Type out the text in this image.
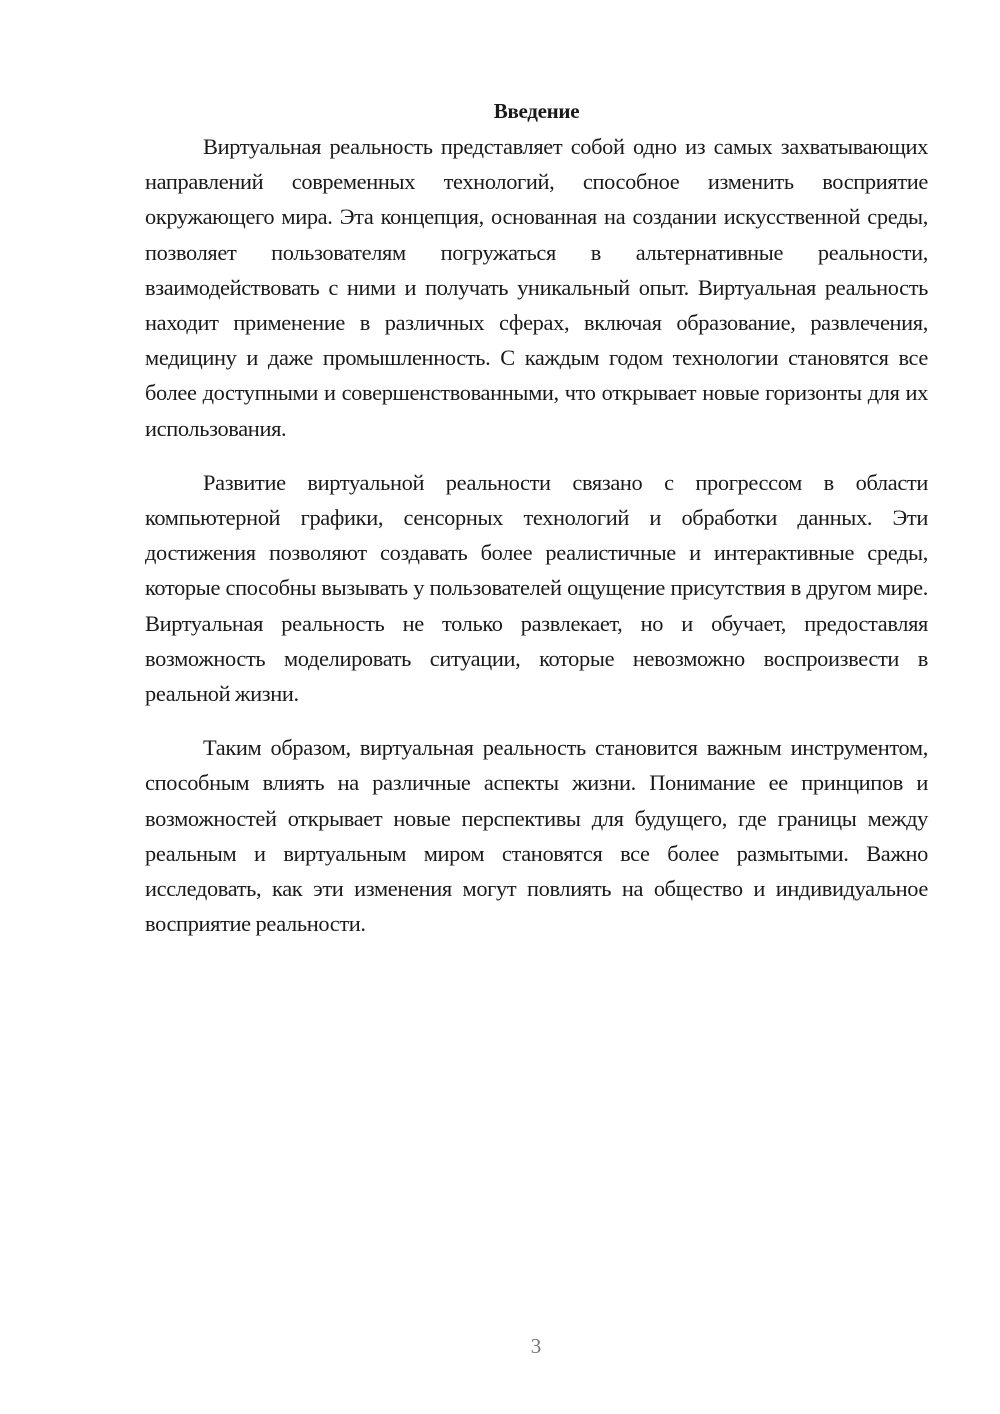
Введение

Виртуальная реальность представляет собой одно из самых захватывающих направлений современных технологий, способное изменить восприятие окружающего мира. Эта концепция, основанная на создании искусственной среды, позволяет пользователям погружаться в альтернативные реальности, взаимодействовать с ними и получать уникальный опыт. Виртуальная реальность находит применение в различных сферах, включая образование, развлечения, медицину и даже промышленность. С каждым годом технологии становятся все более доступными и совершенствованными, что открывает новые горизонты для их использования.

Развитие виртуальной реальности связано с прогрессом в области компьютерной графики, сенсорных технологий и обработки данных. Эти достижения позволяют создавать более реалистичные и интерактивные среды, которые способны вызывать у пользователей ощущение присутствия в другом мире. Виртуальная реальность не только развлекает, но и обучает, предоставляя возможность моделировать ситуации, которые невозможно воспроизвести в реальной жизни.

Таким образом, виртуальная реальность становится важным инструментом, способным влиять на различные аспекты жизни. Понимание ее принципов и возможностей открывает новые перспективы для будущего, где границы между реальным и виртуальным миром становятся все более размытыми. Важно исследовать, как эти изменения могут повлиять на общество и индивидуальное восприятие реальности.

3
